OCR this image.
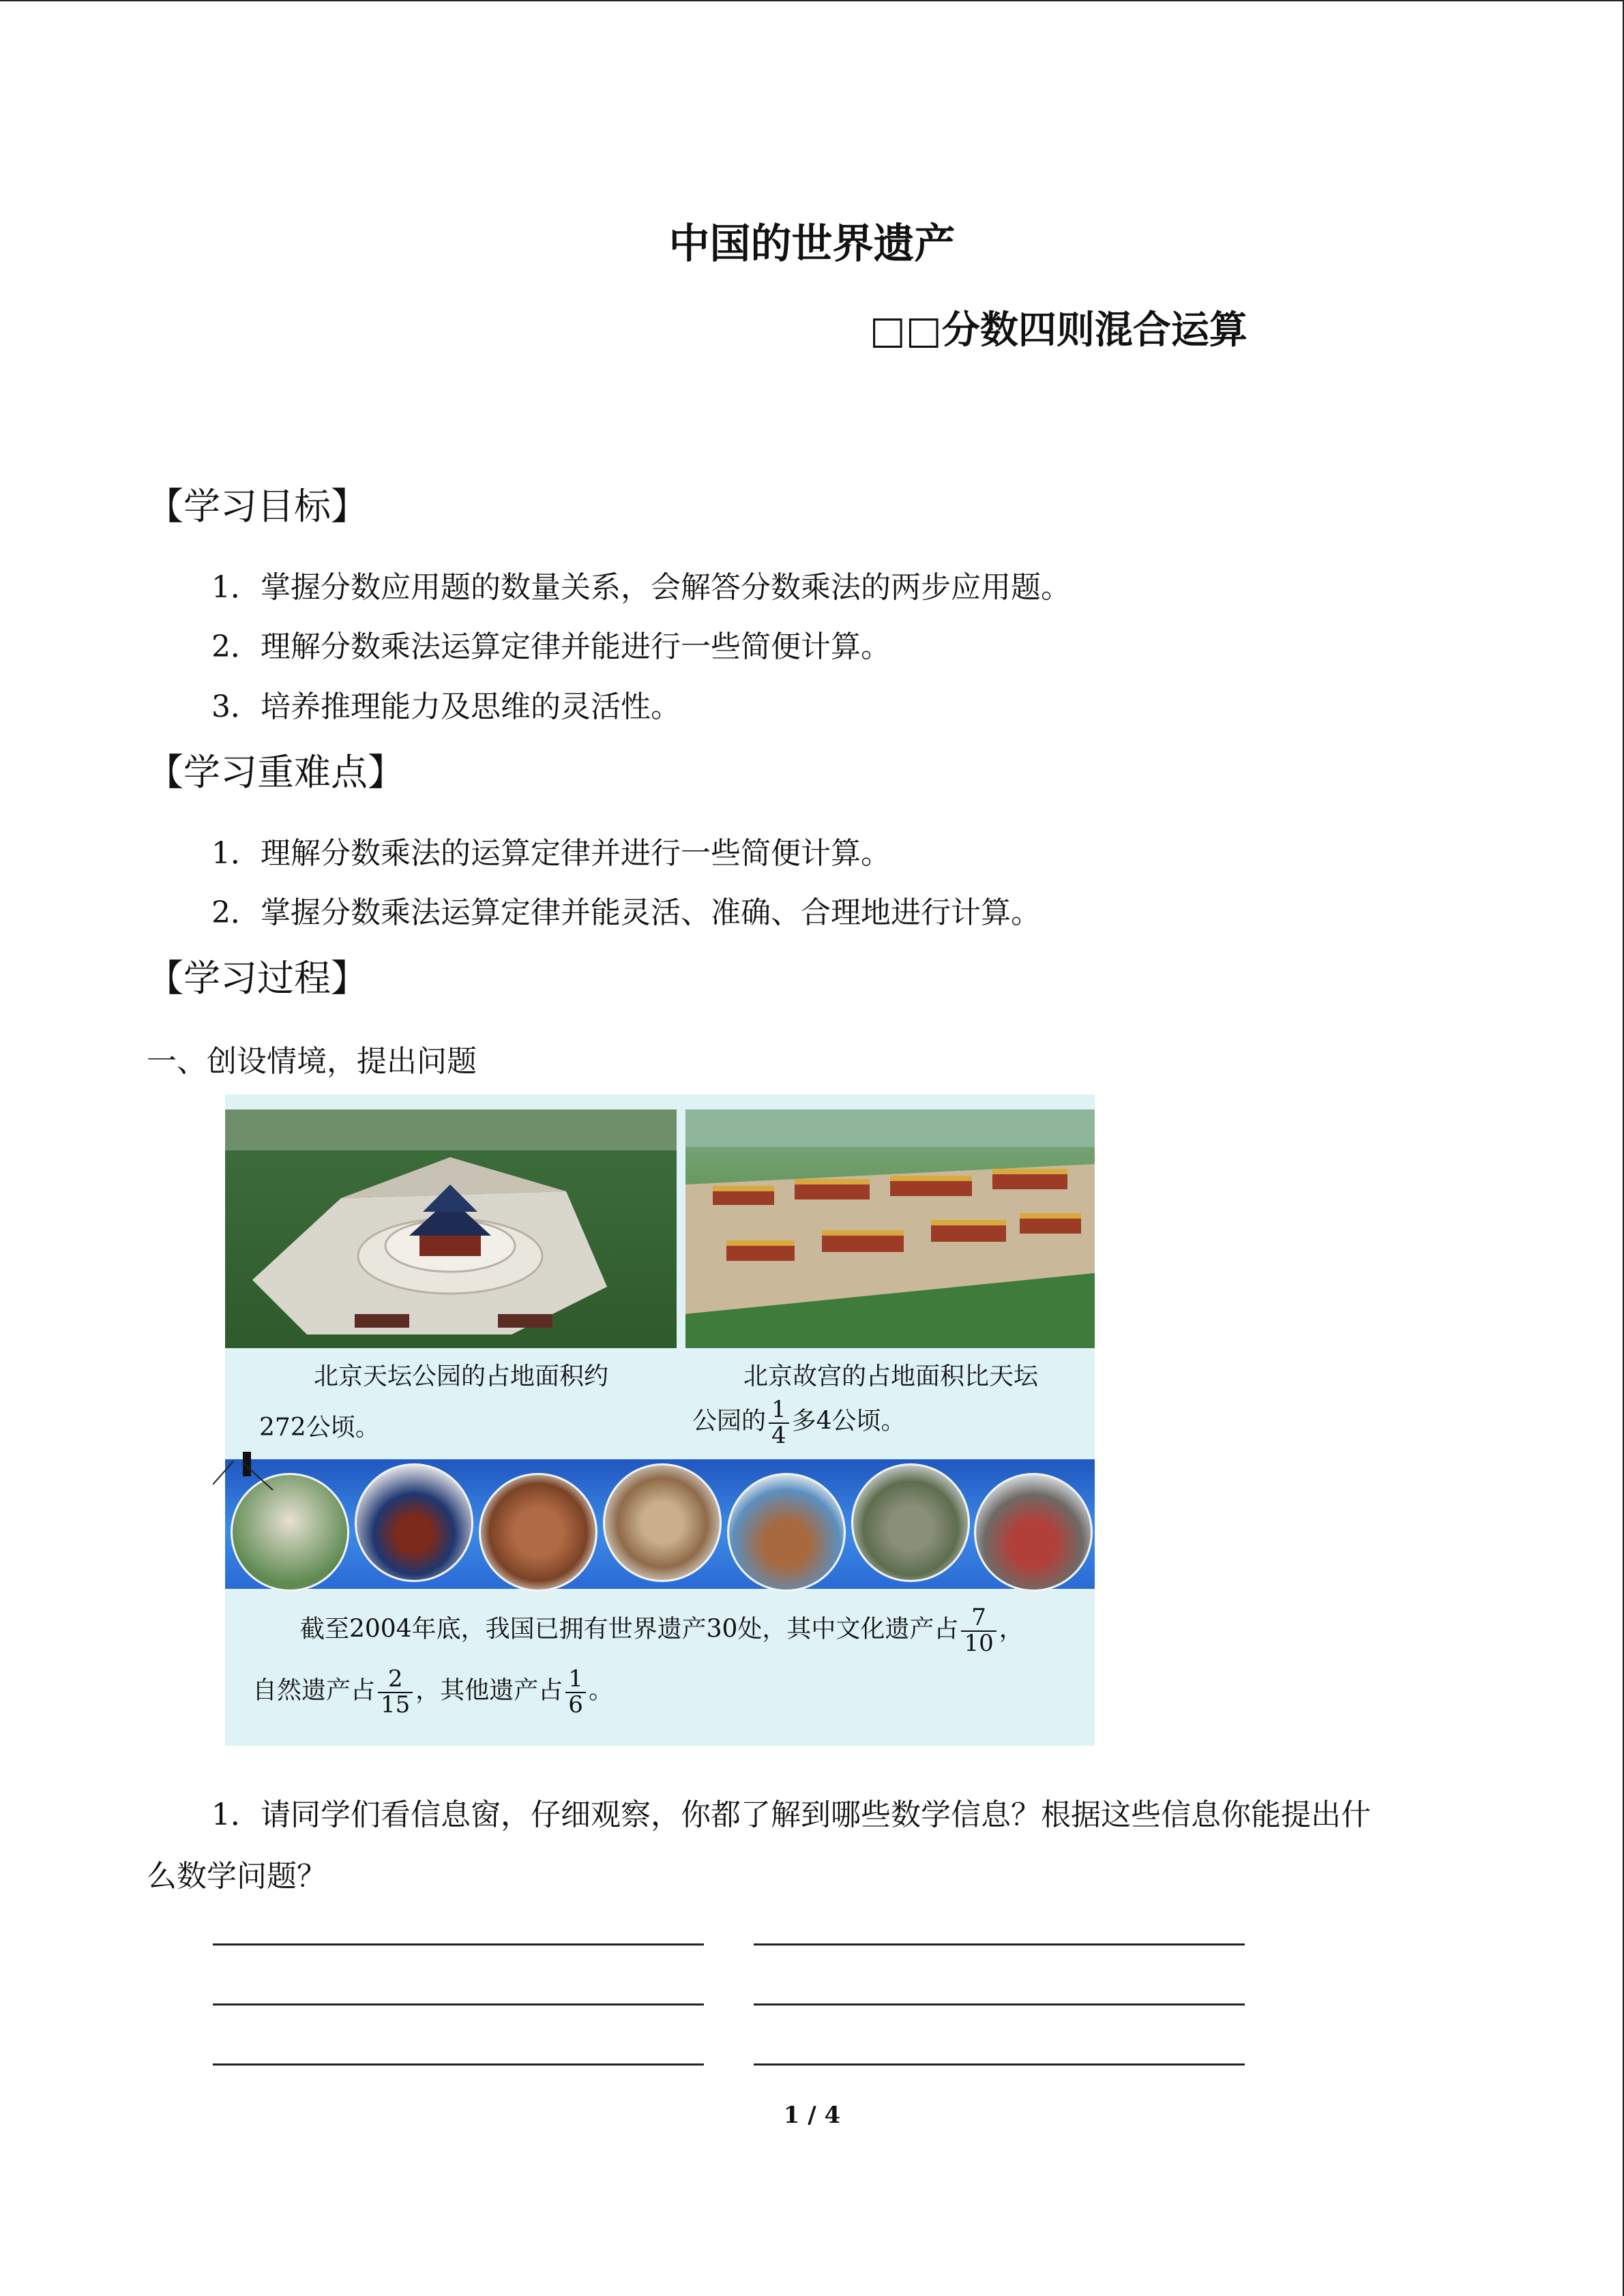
中国的世界遗产
□□分数四则混合运算
【学习目标】
1．掌握分数应用题的数量关系，会解答分数乘法的两步应用题。
2．理解分数乘法运算定律并能进行一些简便计算。
3．培养推理能力及思维的灵活性。
【学习重难点】
1．理解分数乘法的运算定律并进行一些简便计算。
2．掌握分数乘法运算定律并能灵活、准确、合理地进行计算。
【学习过程】
一、创设情境，提出问题
北京天坛公园的占地面积约
272公顷。
北京故宫的占地面积比天坛
公园的 $\frac{1}{4}$ 多4公顷。
截至2004年底，我国已拥有世界遗产30处，其中文化遗产占 $\frac{7}{10}$ ，
自然遗产占 $\frac{2}{15}$ ，其他遗产占 $\frac{1}{6}$ 。
1．请同学们看信息窗，仔细观察，你都了解到哪些数学信息？根据这些信息你能提出什
么数学问题？
1 / 4
